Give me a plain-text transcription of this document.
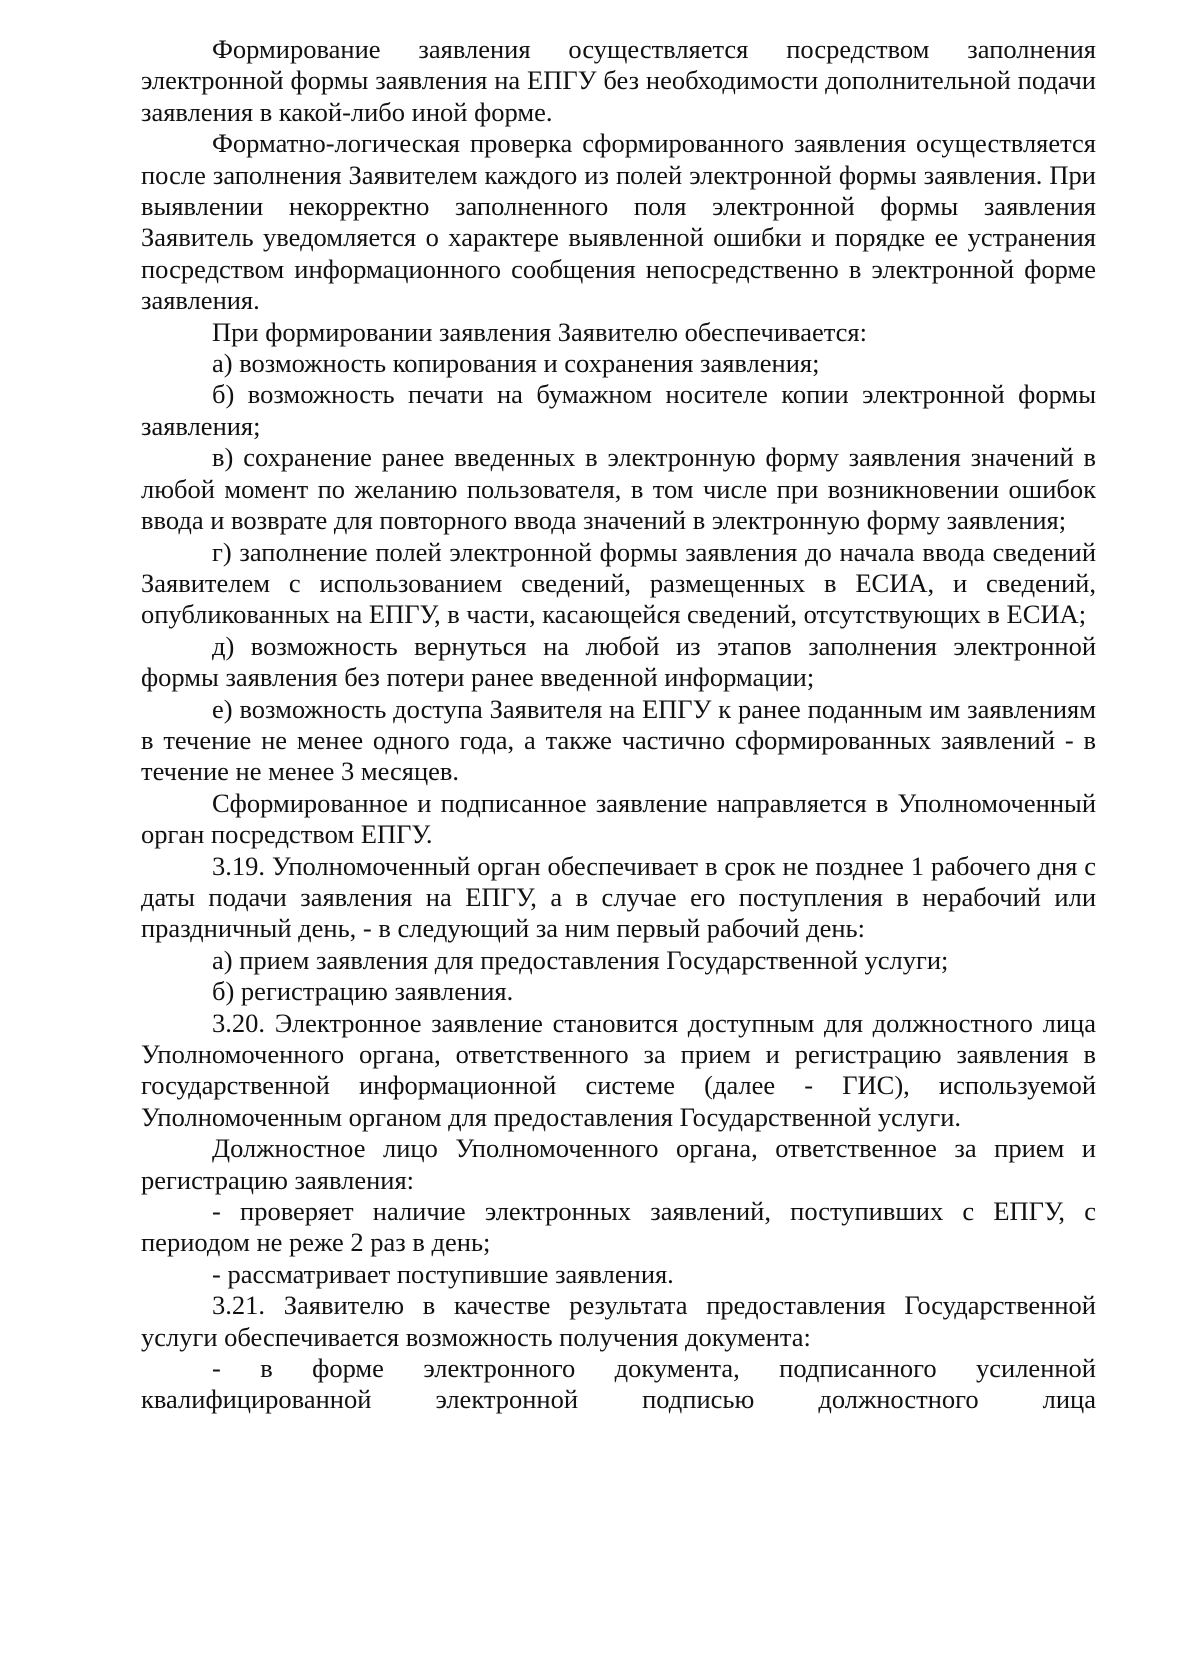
Формирование заявления осуществляется посредством заполнения электронной формы заявления на ЕПГУ без необходимости дополнительной подачи заявления в какой-либо иной форме.

Форматно-логическая проверка сформированного заявления осуществляется после заполнения Заявителем каждого из полей электронной формы заявления. При выявлении некорректно заполненного поля электронной формы заявления Заявитель уведомляется о характере выявленной ошибки и порядке ее устранения посредством информационного сообщения непосредственно в электронной форме заявления.

При формировании заявления Заявителю обеспечивается:

а) возможность копирования и сохранения заявления;

б) возможность печати на бумажном носителе копии электронной формы заявления;

в) сохранение ранее введенных в электронную форму заявления значений в любой момент по желанию пользователя, в том числе при возникновении ошибок ввода и возврате для повторного ввода значений в электронную форму заявления;

г) заполнение полей электронной формы заявления до начала ввода сведений Заявителем с использованием сведений, размещенных в ЕСИА, и сведений, опубликованных на ЕПГУ, в части, касающейся сведений, отсутствующих в ЕСИА;

д) возможность вернуться на любой из этапов заполнения электронной формы заявления без потери ранее введенной информации;

е) возможность доступа Заявителя на ЕПГУ к ранее поданным им заявлениям в течение не менее одного года, а также частично сформированных заявлений - в течение не менее 3 месяцев.

Сформированное и подписанное заявление направляется в Уполномоченный орган посредством ЕПГУ.

3.19. Уполномоченный орган обеспечивает в срок не позднее 1 рабочего дня с даты подачи заявления на ЕПГУ, а в случае его поступления в нерабочий или праздничный день, - в следующий за ним первый рабочий день:

а) прием заявления для предоставления Государственной услуги;

б) регистрацию заявления.

3.20. Электронное заявление становится доступным для должностного лица Уполномоченного органа, ответственного за прием и регистрацию заявления в государственной информационной системе (далее - ГИС), используемой Уполномоченным органом для предоставления Государственной услуги.

Должностное лицо Уполномоченного органа, ответственное за прием и регистрацию заявления:

- проверяет наличие электронных заявлений, поступивших с ЕПГУ, с периодом не реже 2 раз в день;

- рассматривает поступившие заявления.

3.21. Заявителю в качестве результата предоставления Государственной услуги обеспечивается возможность получения документа:

- в форме электронного документа, подписанного усиленной квалифицированной электронной подписью должностного лица
